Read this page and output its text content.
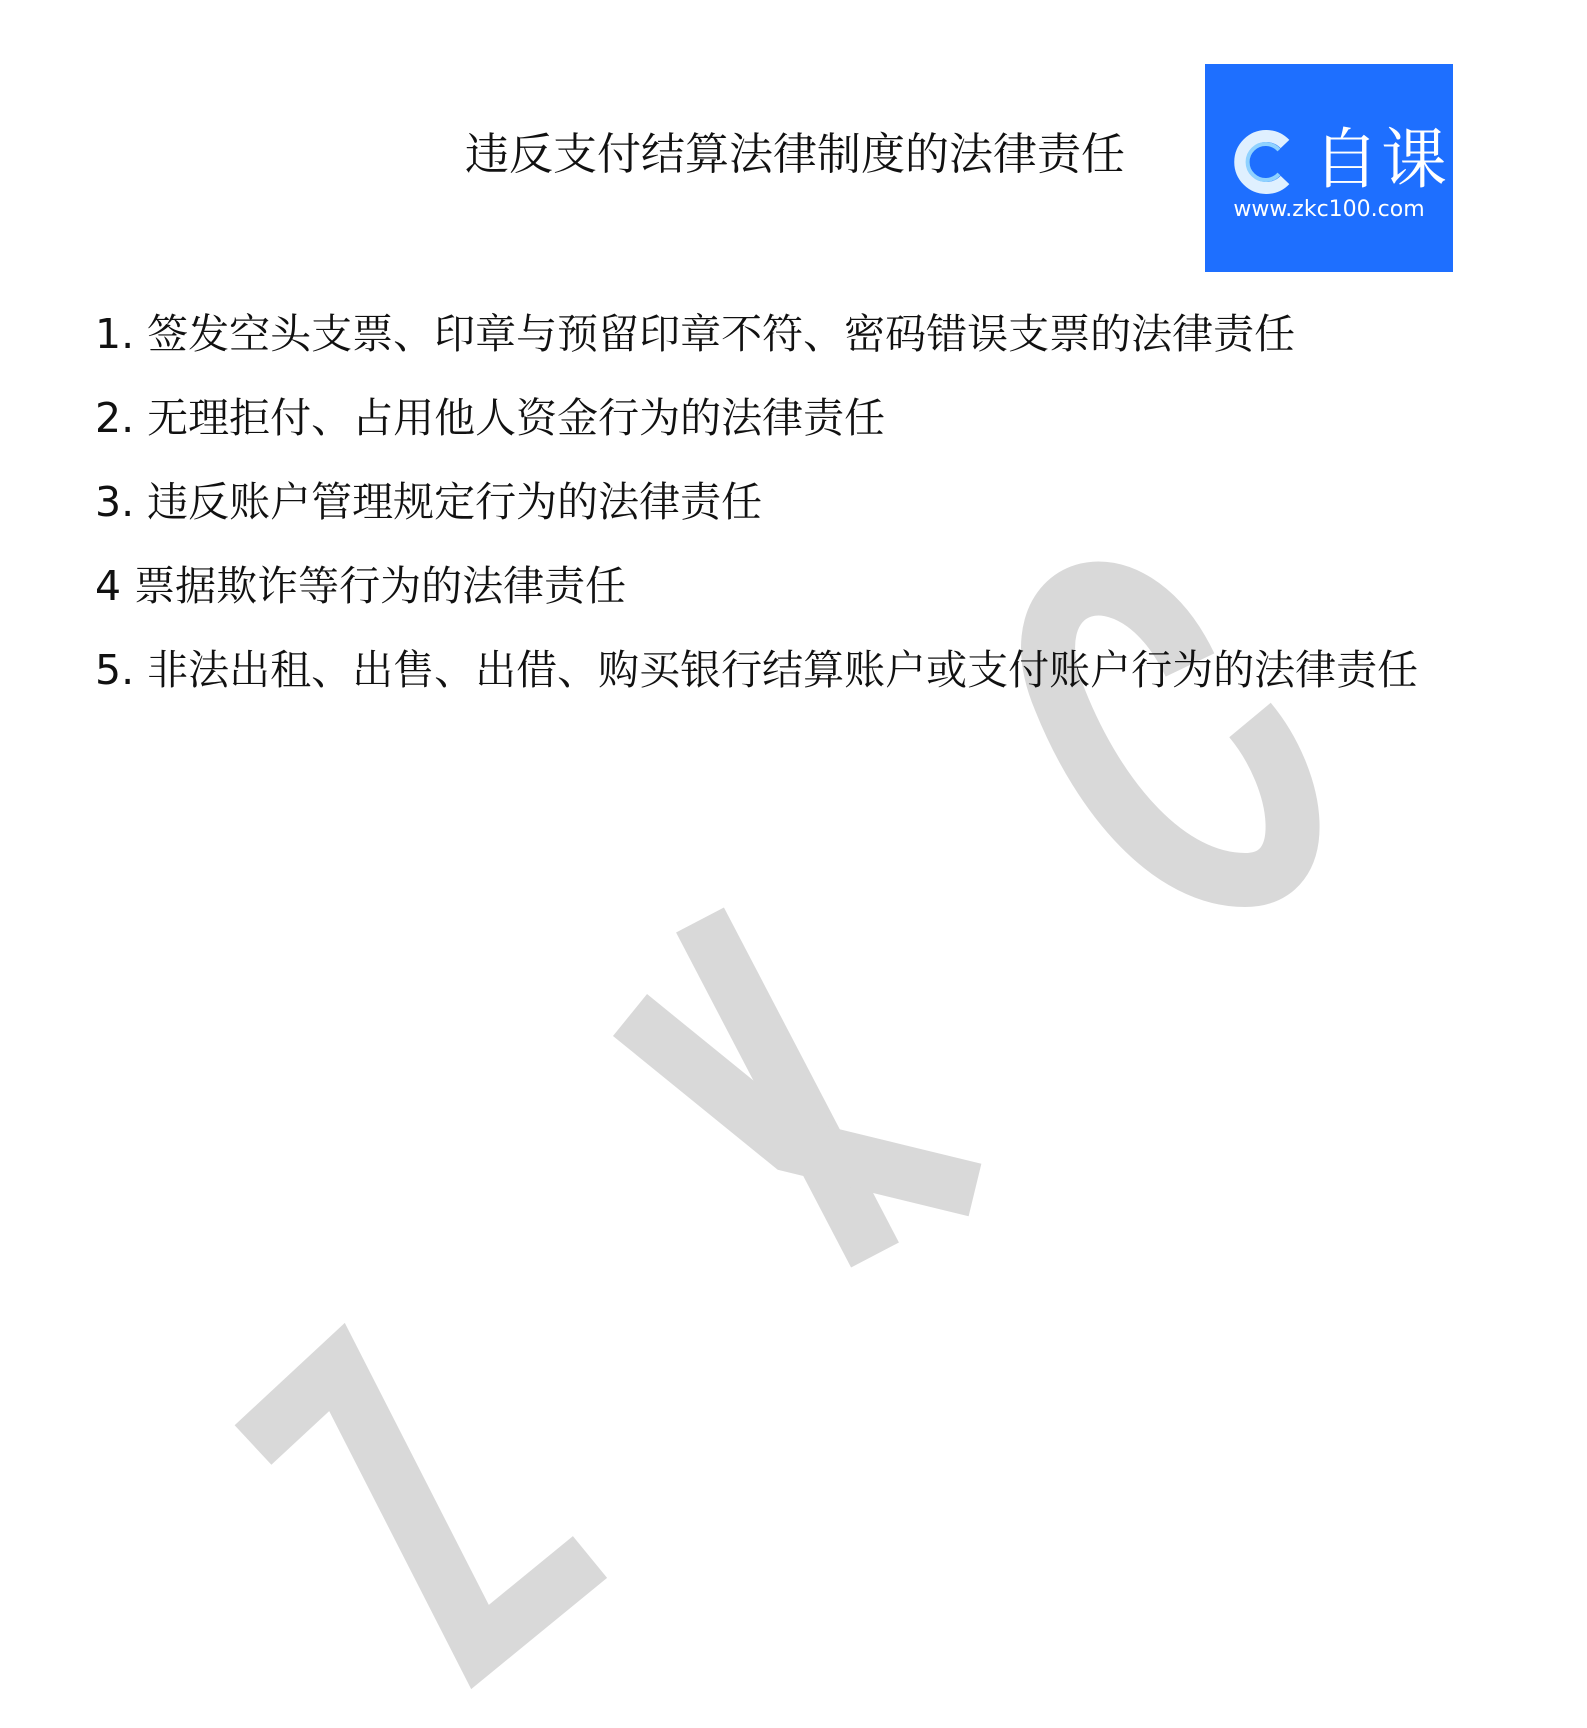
违反支付结算法律制度的法律责任	自课
www.zkc100.com
1. 签发空头支票、印章与预留印章不符、密码错误支票的法律责任
2. 无理拒付、占用他人资金行为的法律责任
3. 违反账户管理规定行为的法律责任
4 票据欺诈等行为的法律责任
5. 非法出租、出售、出借、购买银行结算账户或支付账户行为的法律责任
